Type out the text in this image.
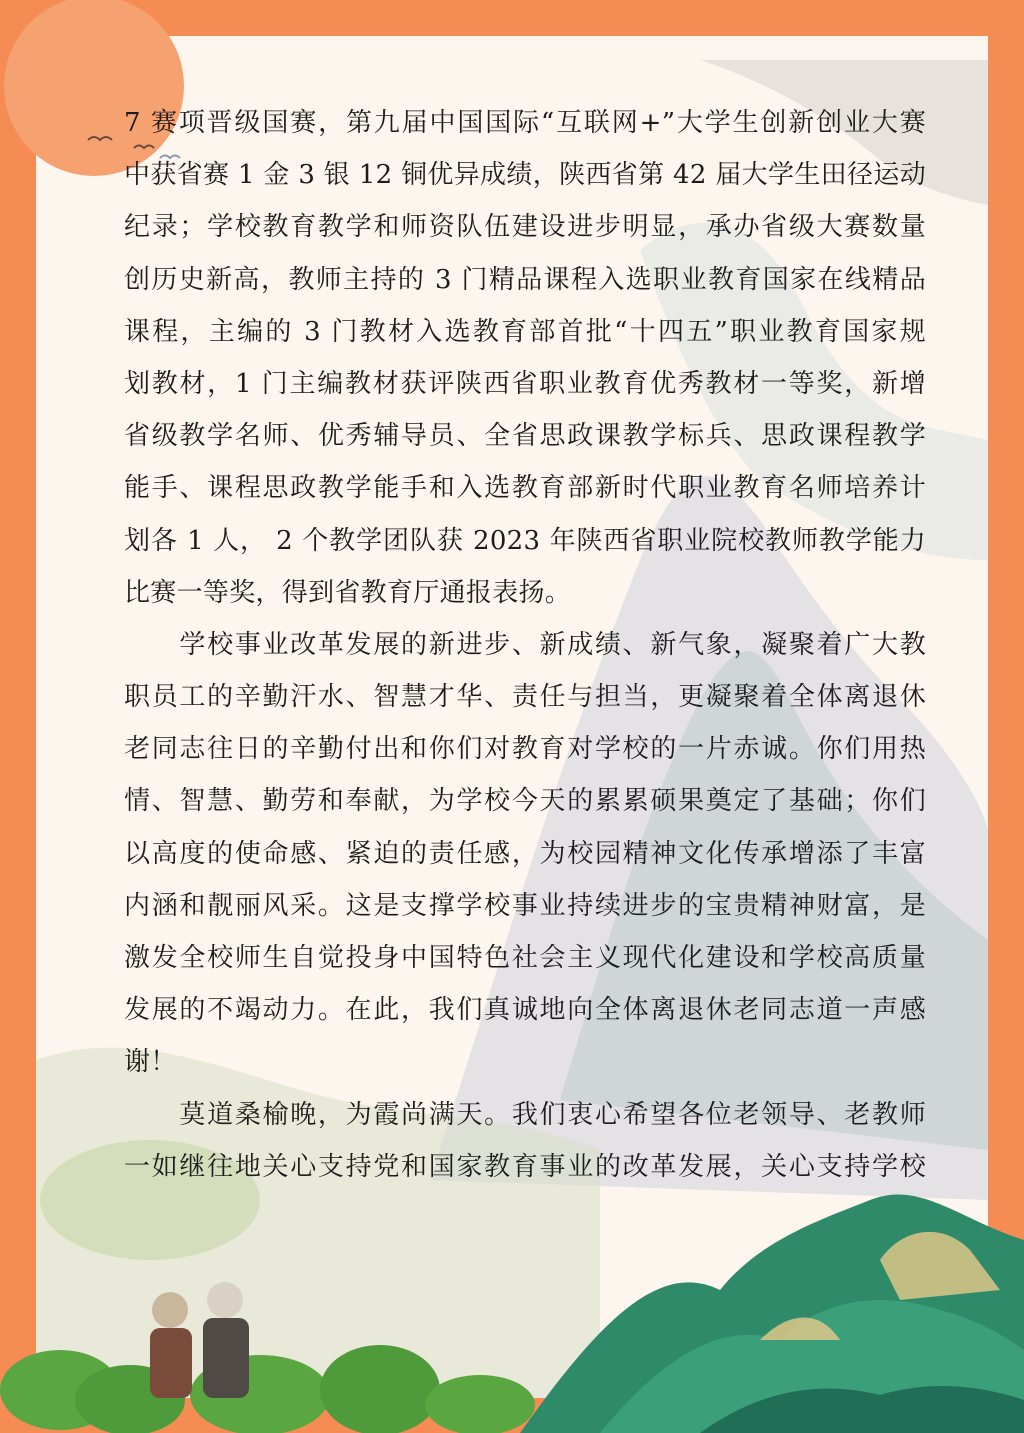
7 赛项晋级国赛，第九届中国国际“互联网+”大学生创新创业大赛
中获省赛 1 金 3 银 12 铜优异成绩，陕西省第 42 届大学生田径运动
纪录；学校教育教学和师资队伍建设进步明显，承办省级大赛数量
创历史新高，教师主持的 3 门精品课程入选职业教育国家在线精品
课程，主编的 3 门教材入选教育部首批“十四五”职业教育国家规
划教材，1 门主编教材获评陕西省职业教育优秀教材一等奖，新增
省级教学名师、优秀辅导员、全省思政课教学标兵、思政课程教学
能手、课程思政教学能手和入选教育部新时代职业教育名师培养计
划各 1 人， 2 个教学团队获 2023 年陕西省职业院校教师教学能力
比赛一等奖，得到省教育厅通报表扬。
　　学校事业改革发展的新进步、新成绩、新气象，凝聚着广大教
职员工的辛勤汗水、智慧才华、责任与担当，更凝聚着全体离退休
老同志往日的辛勤付出和你们对教育对学校的一片赤诚。你们用热
情、智慧、勤劳和奉献，为学校今天的累累硕果奠定了基础；你们
以高度的使命感、紧迫的责任感，为校园精神文化传承增添了丰富
内涵和靓丽风采。这是支撑学校事业持续进步的宝贵精神财富，是
激发全校师生自觉投身中国特色社会主义现代化建设和学校高质量
发展的不竭动力。在此，我们真诚地向全体离退休老同志道一声感
谢！
　　莫道桑榆晚，为霞尚满天。我们衷心希望各位老领导、老教师
一如继往地关心支持党和国家教育事业的改革发展，关心支持学校
